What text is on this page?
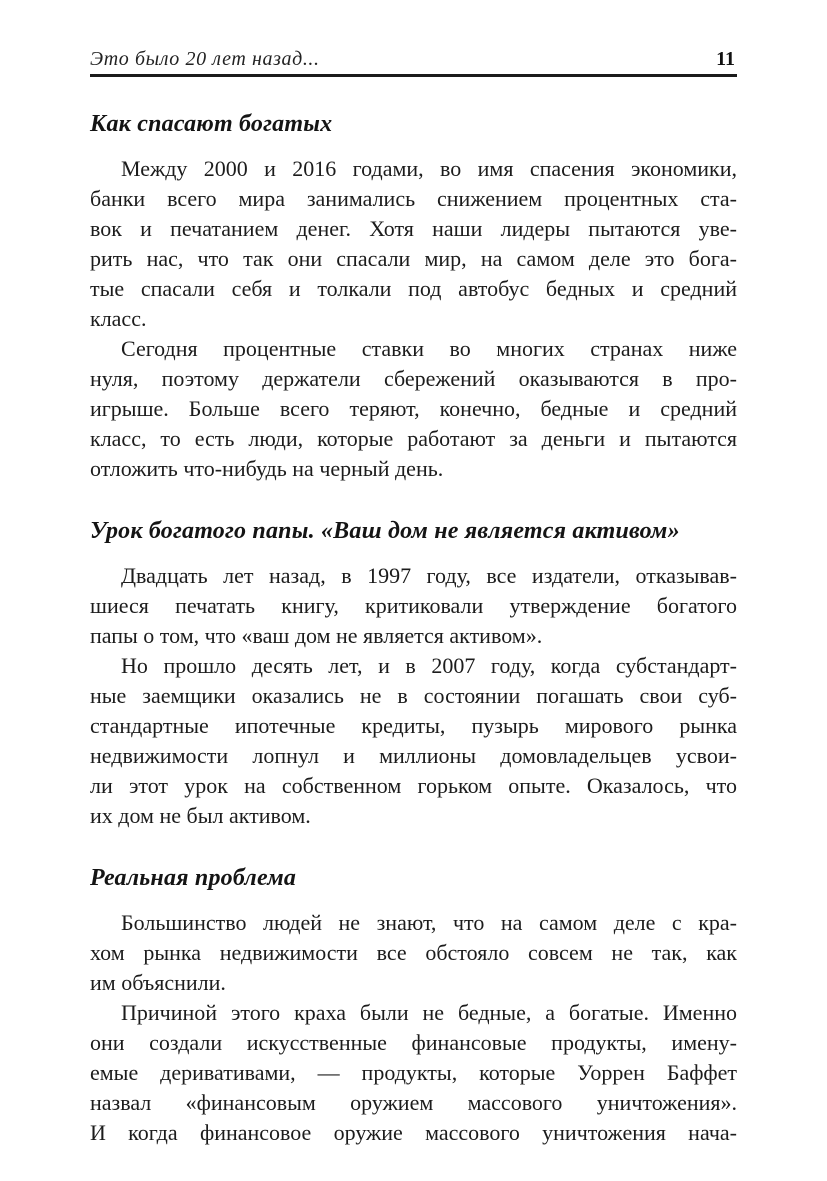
Это было 20 лет назад...	11
Как спасают богатых
Между 2000 и 2016 годами, во имя спасения экономики,
банки всего мира занимались снижением процентных ста-
вок и печатанием денег. Хотя наши лидеры пытаются уве-
рить нас, что так они спасали мир, на самом деле это бога-
тые спасали себя и толкали под автобус бедных и средний
класс.
Сегодня процентные ставки во многих странах ниже
нуля, поэтому держатели сбережений оказываются в про-
игрыше. Больше всего теряют, конечно, бедные и средний
класс, то есть люди, которые работают за деньги и пытаются
отложить что-нибудь на черный день.
Урок богатого папы. «Ваш дом не является активом»
Двадцать лет назад, в 1997 году, все издатели, отказывав-
шиеся печатать книгу, критиковали утверждение богатого
папы о том, что «ваш дом не является активом».
Но прошло десять лет, и в 2007 году, когда субстандарт-
ные заемщики оказались не в состоянии погашать свои суб-
стандартные ипотечные кредиты, пузырь мирового рынка
недвижимости лопнул и миллионы домовладельцев усвои-
ли этот урок на собственном горьком опыте. Оказалось, что
их дом не был активом.
Реальная проблема
Большинство людей не знают, что на самом деле с кра-
хом рынка недвижимости все обстояло совсем не так, как
им объяснили.
Причиной этого краха были не бедные, а богатые. Именно
они создали искусственные финансовые продукты, имену-
емые деривативами, — продукты, которые Уоррен Баффет
назвал «финансовым оружием массового уничтожения».
И когда финансовое оружие массового уничтожения нача-
